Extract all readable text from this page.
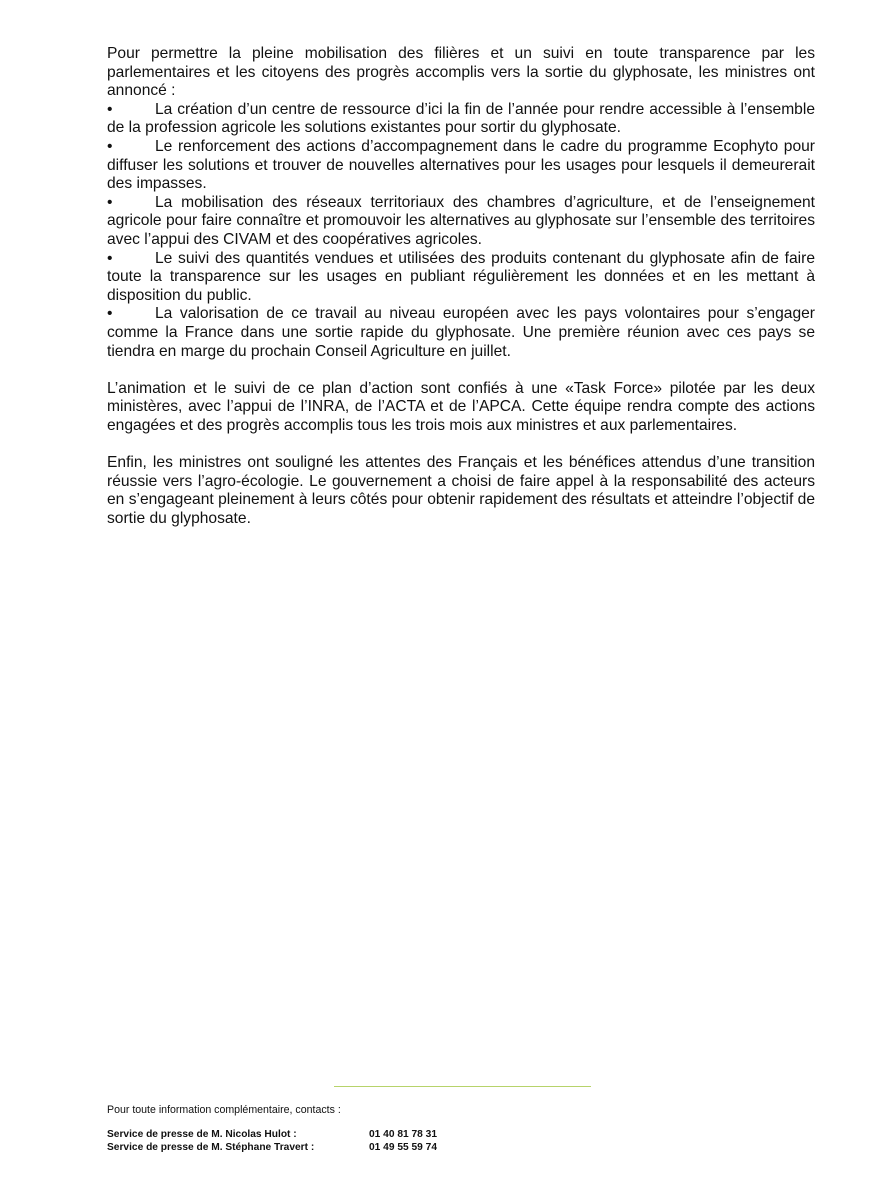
Pour permettre la pleine mobilisation des filières et un suivi en toute transparence par les parlementaires et les citoyens des progrès accomplis vers la sortie du glyphosate, les ministres ont annoncé :

•	La création d’un centre de ressource d’ici la fin de l’année pour rendre accessible à l’ensemble de la profession agricole les solutions existantes pour sortir du glyphosate.

•	Le renforcement des actions d’accompagnement dans le cadre du programme Ecophyto pour diffuser les solutions et trouver de nouvelles alternatives pour les usages pour lesquels il demeurerait des impasses.

•	La mobilisation des réseaux territoriaux des chambres d’agriculture, et de l’enseignement agricole pour faire connaître et promouvoir les alternatives au glyphosate sur l’ensemble des territoires avec l’appui des CIVAM et des coopératives agricoles.

•	Le suivi des quantités vendues et utilisées des produits contenant du glyphosate afin de faire toute la transparence sur les usages en publiant régulièrement les données et en les mettant à disposition du public.

•	La valorisation de ce travail au niveau européen avec les pays volontaires pour s’engager comme la France dans une sortie rapide du glyphosate. Une première réunion avec ces pays se tiendra en marge du prochain Conseil Agriculture en juillet.

L’animation et le suivi de ce plan d’action sont confiés à une «Task Force» pilotée par les deux ministères, avec l’appui de l’INRA, de l’ACTA et de l’APCA. Cette équipe rendra compte des actions engagées et des progrès accomplis tous les trois mois aux ministres et aux parlementaires.

Enfin, les ministres ont souligné les attentes des Français et les bénéfices attendus d’une transition réussie vers l’agro-écologie. Le gouvernement a choisi de faire appel à la responsabilité des acteurs en s’engageant pleinement à leurs côtés pour obtenir rapidement des résultats et atteindre l’objectif de sortie du glyphosate.

Pour toute information complémentaire, contacts :

Service de presse de M. Nicolas Hulot :	01 40 81 78 31
Service de presse de M. Stéphane Travert :	01 49 55 59 74
